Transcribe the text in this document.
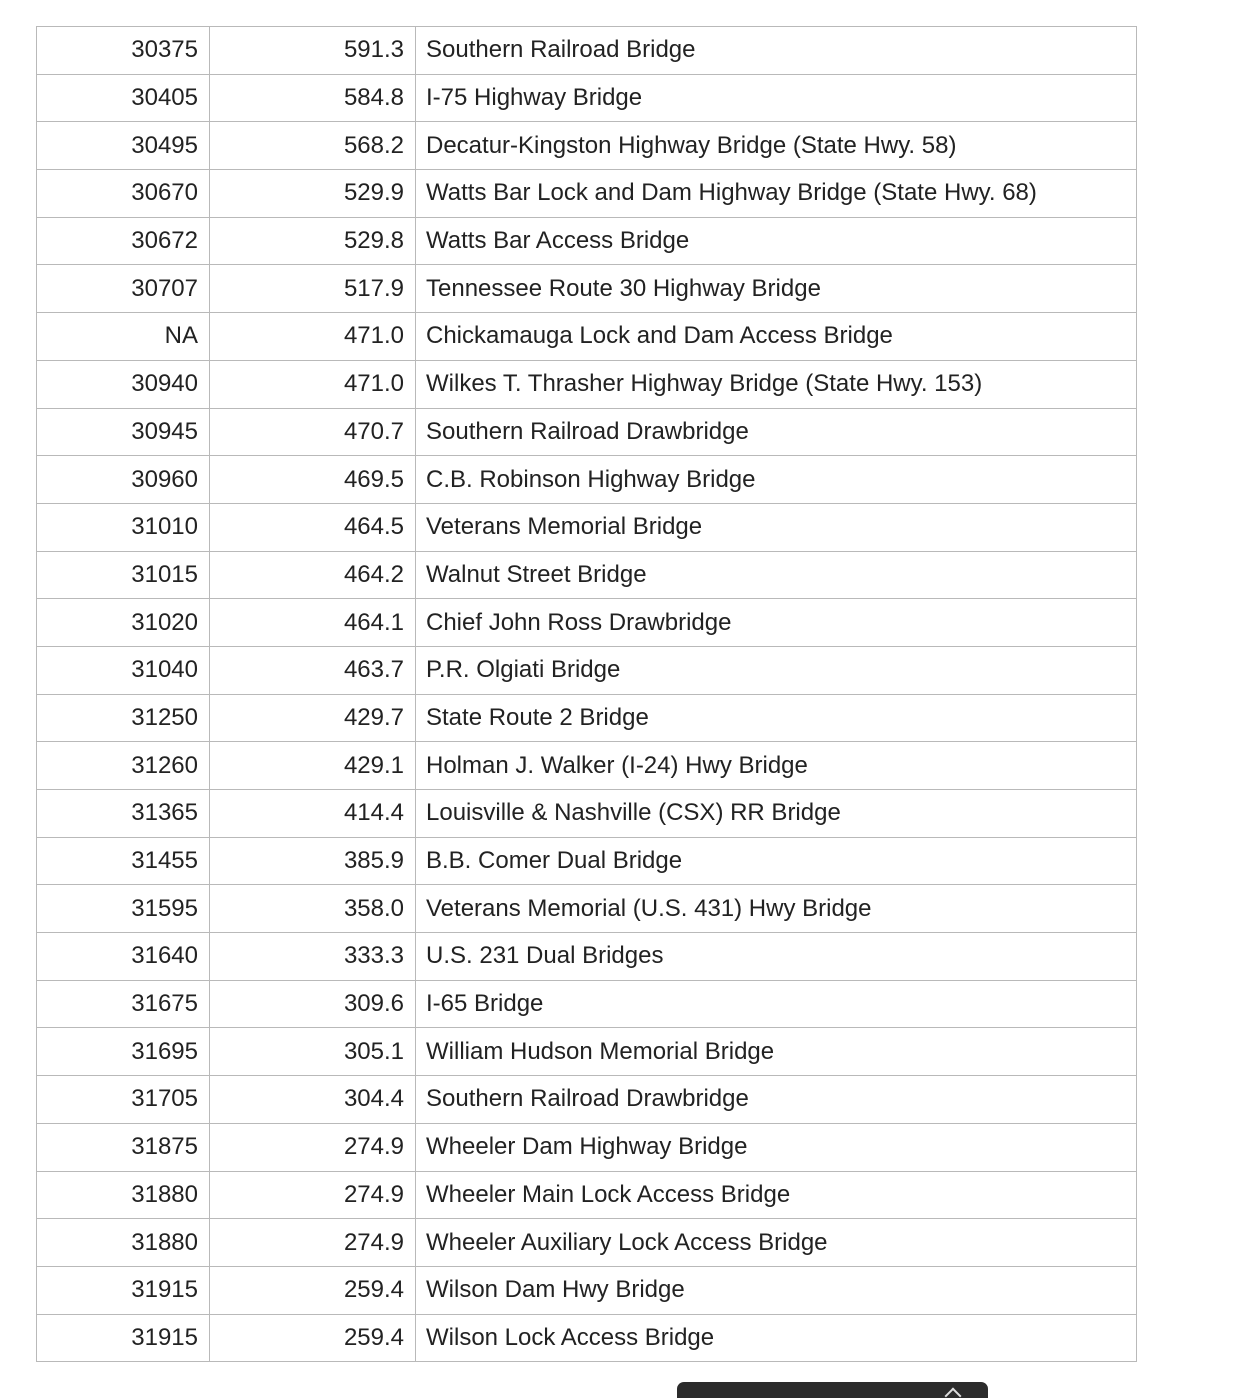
30375	591.3	Southern Railroad Bridge
30405	584.8	I-75 Highway Bridge
30495	568.2	Decatur-Kingston Highway Bridge (State Hwy. 58)
30670	529.9	Watts Bar Lock and Dam Highway Bridge (State Hwy. 68)
30672	529.8	Watts Bar Access Bridge
30707	517.9	Tennessee Route 30 Highway Bridge
NA	471.0	Chickamauga Lock and Dam Access Bridge
30940	471.0	Wilkes T. Thrasher Highway Bridge (State Hwy. 153)
30945	470.7	Southern Railroad Drawbridge
30960	469.5	C.B. Robinson Highway Bridge
31010	464.5	Veterans Memorial Bridge
31015	464.2	Walnut Street Bridge
31020	464.1	Chief John Ross Drawbridge
31040	463.7	P.R. Olgiati Bridge
31250	429.7	State Route 2 Bridge
31260	429.1	Holman J. Walker (I-24) Hwy Bridge
31365	414.4	Louisville & Nashville (CSX) RR Bridge
31455	385.9	B.B. Comer Dual Bridge
31595	358.0	Veterans Memorial (U.S. 431) Hwy Bridge
31640	333.3	U.S. 231 Dual Bridges
31675	309.6	I-65 Bridge
31695	305.1	William Hudson Memorial Bridge
31705	304.4	Southern Railroad Drawbridge
31875	274.9	Wheeler Dam Highway Bridge
31880	274.9	Wheeler Main Lock Access Bridge
31880	274.9	Wheeler Auxiliary Lock Access Bridge
31915	259.4	Wilson Dam Hwy Bridge
31915	259.4	Wilson Lock Access Bridge
